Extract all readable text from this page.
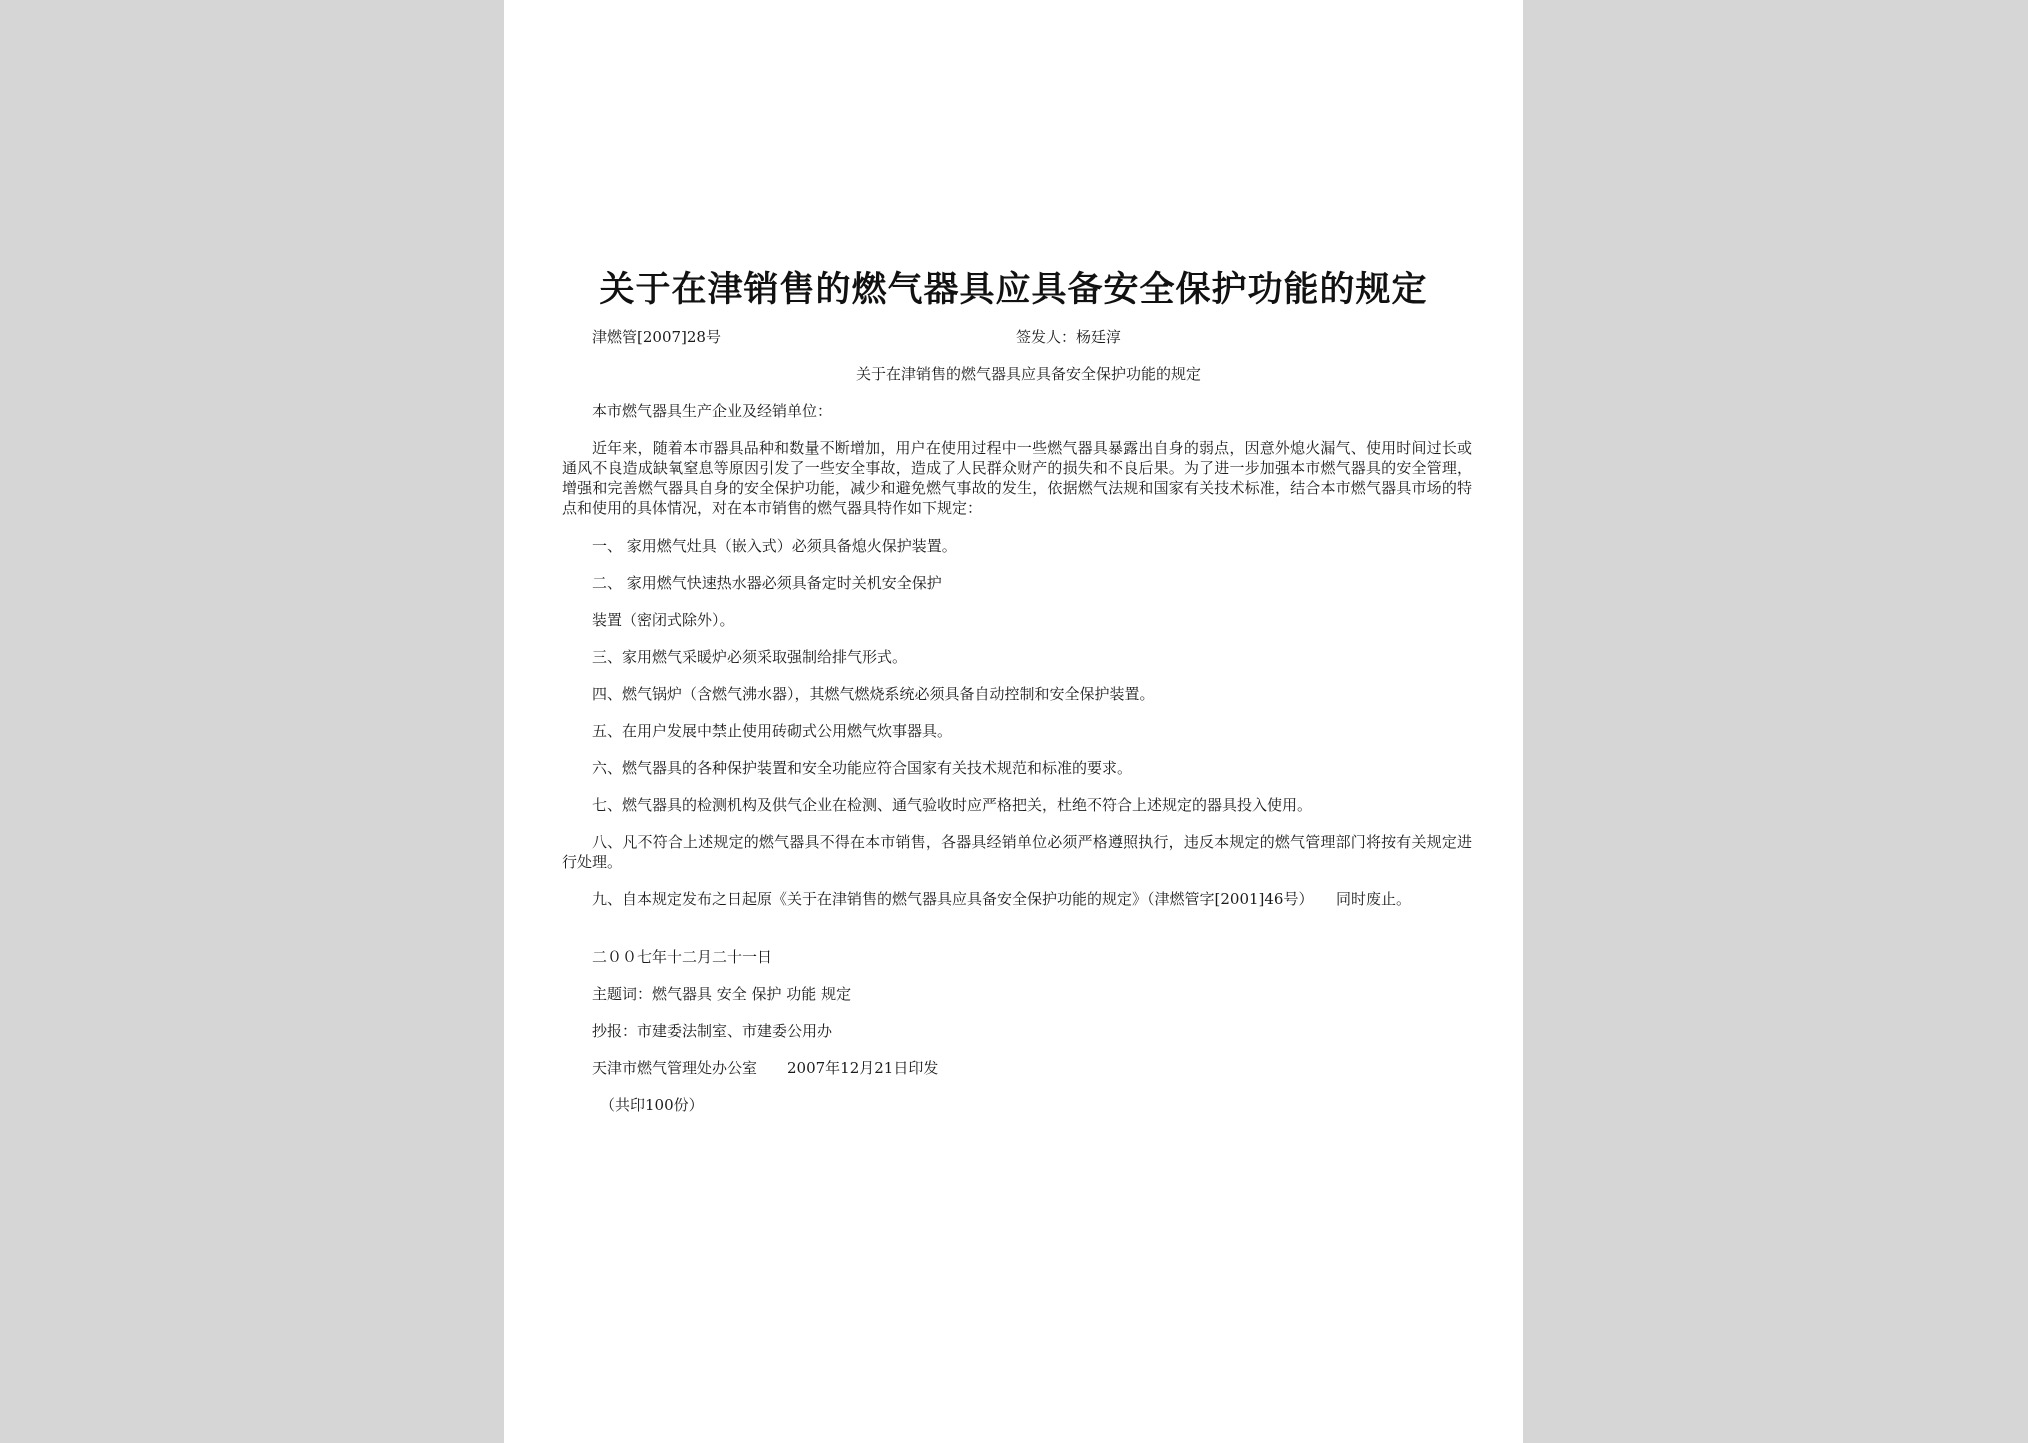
关于在津销售的燃气器具应具备安全保护功能的规定
津燃管[2007]28号	签发人：杨廷淳
关于在津销售的燃气器具应具备安全保护功能的规定
本市燃气器具生产企业及经销单位：
近年来，随着本市器具品种和数量不断增加，用户在使用过程中一些燃气器具暴露出自身的弱点，因意外熄火漏气、使用时间过长或通风不良造成缺氧窒息等原因引发了一些安全事故，造成了人民群众财产的损失和不良后果。为了进一步加强本市燃气器具的安全管理，增强和完善燃气器具自身的安全保护功能，减少和避免燃气事故的发生，依据燃气法规和国家有关技术标准，结合本市燃气器具市场的特点和使用的具体情况，对在本市销售的燃气器具特作如下规定：
一、 家用燃气灶具（嵌入式）必须具备熄火保护装置。
二、 家用燃气快速热水器必须具备定时关机安全保护
装置（密闭式除外）。
三、家用燃气采暖炉必须采取强制给排气形式。
四、燃气锅炉（含燃气沸水器），其燃气燃烧系统必须具备自动控制和安全保护装置。
五、在用户发展中禁止使用砖砌式公用燃气炊事器具。
六、燃气器具的各种保护装置和安全功能应符合国家有关技术规范和标准的要求。
七、燃气器具的检测机构及供气企业在检测、通气验收时应严格把关，杜绝不符合上述规定的器具投入使用。
八、凡不符合上述规定的燃气器具不得在本市销售，各器具经销单位必须严格遵照执行，违反本规定的燃气管理部门将按有关规定进行处理。
九、自本规定发布之日起原《关于在津销售的燃气器具应具备安全保护功能的规定》（津燃管字[2001]46号）　　同时废止。
二００七年十二月二十一日
主题词：燃气器具 安全 保护 功能 规定
抄报：市建委法制室、市建委公用办
天津市燃气管理处办公室　　2007年12月21日印发
（共印100份）
